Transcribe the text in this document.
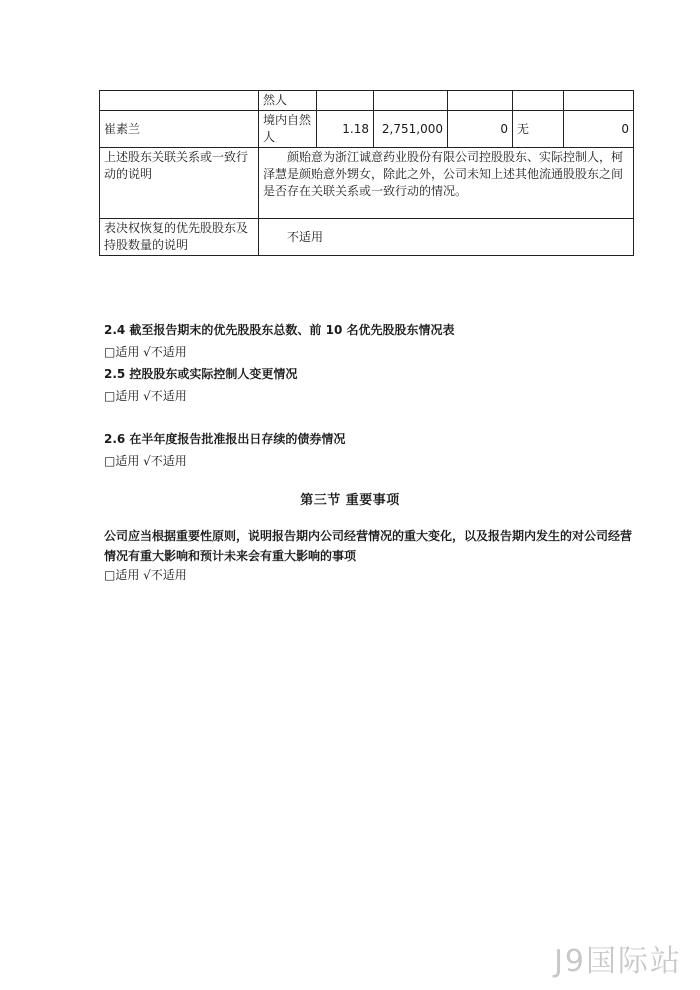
	然人					
崔素兰	境内自然人	1.18	2,751,000	0	无	0
上述股东关联关系或一致行动的说明	颜贻意为浙江诚意药业股份有限公司控股股东、实际控制人，柯泽慧是颜贻意外甥女，除此之外，公司未知上述其他流通股股东之间是否存在关联关系或一致行动的情况。					
表决权恢复的优先股股东及持股数量的说明	不适用					
2.4 截至报告期末的优先股股东总数、前 10 名优先股股东情况表
□适用 √不适用
2.5 控股股东或实际控制人变更情况
□适用 √不适用
2.6 在半年度报告批准报出日存续的债券情况
□适用 √不适用
第三节 重要事项
公司应当根据重要性原则，说明报告期内公司经营情况的重大变化，以及报告期内发生的对公司经营情况有重大影响和预计未来会有重大影响的事项
□适用 √不适用
J9国际站
